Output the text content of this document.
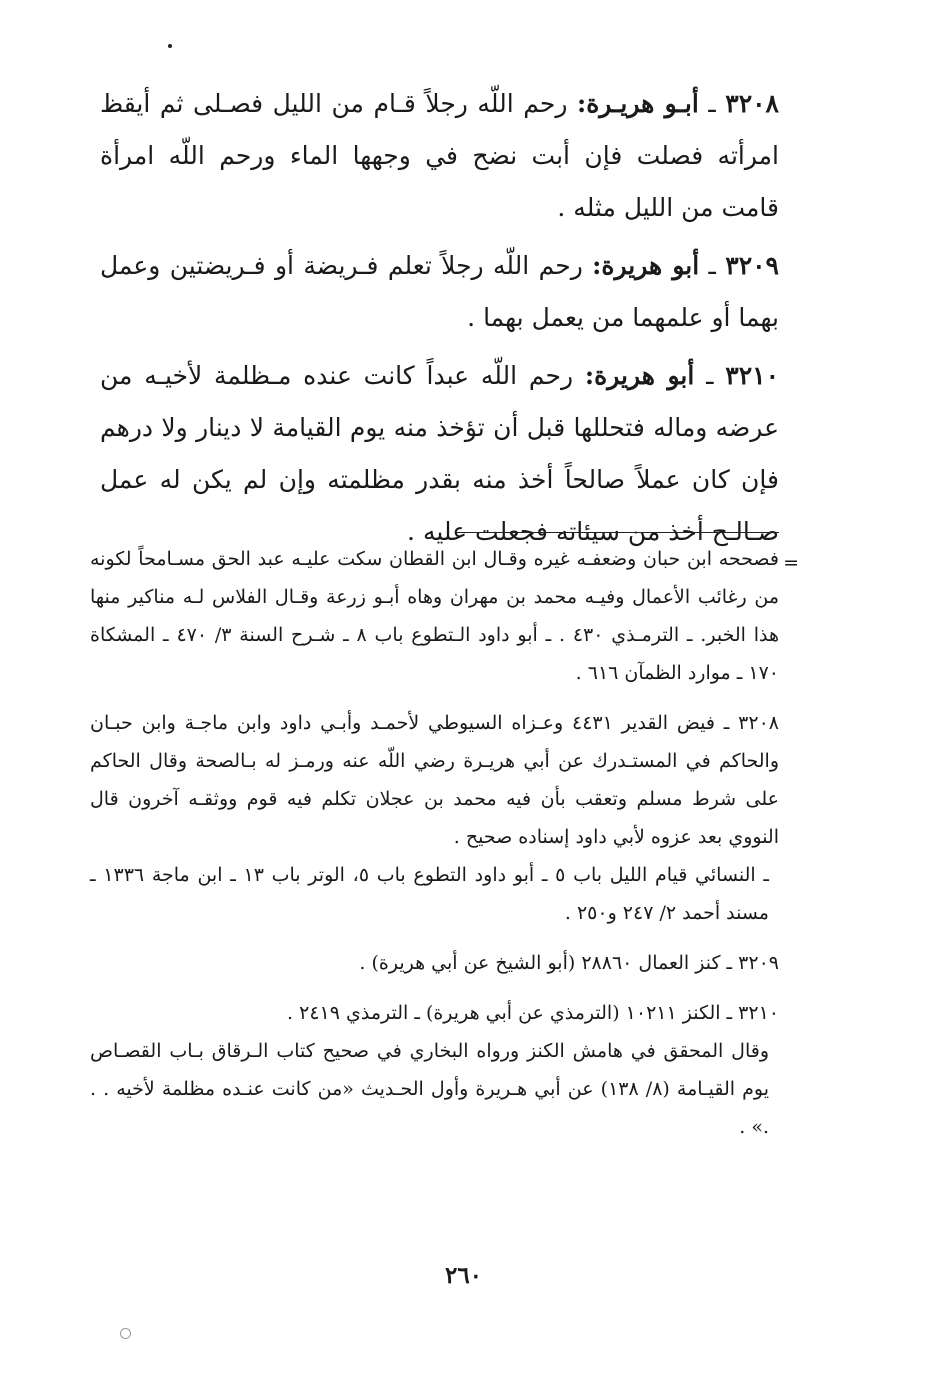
٣٢٠٨ ـ أبـو هريـرة: رحم اللّه رجلاً قـام من الليل فصـلى ثم أيقظ امرأته فصلت فإن أبت نضح في وجهها الماء ورحم اللّه امرأة قامت من الليل مثله .

٣٢٠٩ ـ أبو هريرة: رحم اللّه رجلاً تعلم فـريضة أو فـريضتين وعمل بهما أو علمهما من يعمل بهما .

٣٢١٠ ـ أبو هريرة: رحم اللّه عبداً كانت عنده مـظلمة لأخيـه من عرضه وماله فتحللها قبل أن تؤخذ منه يوم القيامة لا دينار ولا درهم فإن كان عملاً صالحاً أخذ منه بقدر مظلمته وإن لم يكن له عمل صـالـح أخذ من سيئاته فجعلت عليه .

=
فصححه ابن حبان وضعفـه غيره وقـال ابن القطان سكت عليـه عبد الحق مسـامحاً لكونه من رغائب الأعمال وفيـه محمد بن مهران وهاه أبـو زرعة وقـال الفلاس لـه مناكير منها هذا الخبر. ـ الترمـذي ٤٣٠ . ـ أبو داود الـتطوع باب ٨ ـ شـرح السنة ٣/ ٤٧٠ ـ المشكاة ١٧٠ ـ موارد الظمآن ٦١٦ .

٣٢٠٨ ـ فيض القدير ٤٤٣١ وعـزاه السيوطي لأحمـد وأبـي داود وابن ماجـة وابن حبـان والحاكم في المستـدرك عن أبي هريـرة رضي اللّه عنه ورمـز له بـالصحة وقال الحاكم على شرط مسلم وتعقب بأن فيه محمد بن عجلان تكلم فيه قوم ووثقـه آخرون قال النووي بعد عزوه لأبي داود إسناده صحيح .

ـ النسائي قيام الليل باب ٥ ـ أبو داود التطوع باب ٥، الوتر باب ١٣ ـ ابن ماجة ١٣٣٦ ـ مسند أحمد ٢/ ٢٤٧ و٢٥٠ .

٣٢٠٩ ـ كنز العمال ٢٨٨٦٠ (أبو الشيخ عن أبي هريرة) .

٣٢١٠ ـ الكنز ١٠٢١١ (الترمذي عن أبي هريرة) ـ الترمذي ٢٤١٩ .

وقال المحقق في هامش الكنز ورواه البخاري في صحيح كتاب الـرقاق بـاب القصـاص يوم القيـامة (٨/ ١٣٨) عن أبي هـريرة وأول الحـديث «من كانت عنـده مظلمة لأخيه . . .» .

٢٦٠
